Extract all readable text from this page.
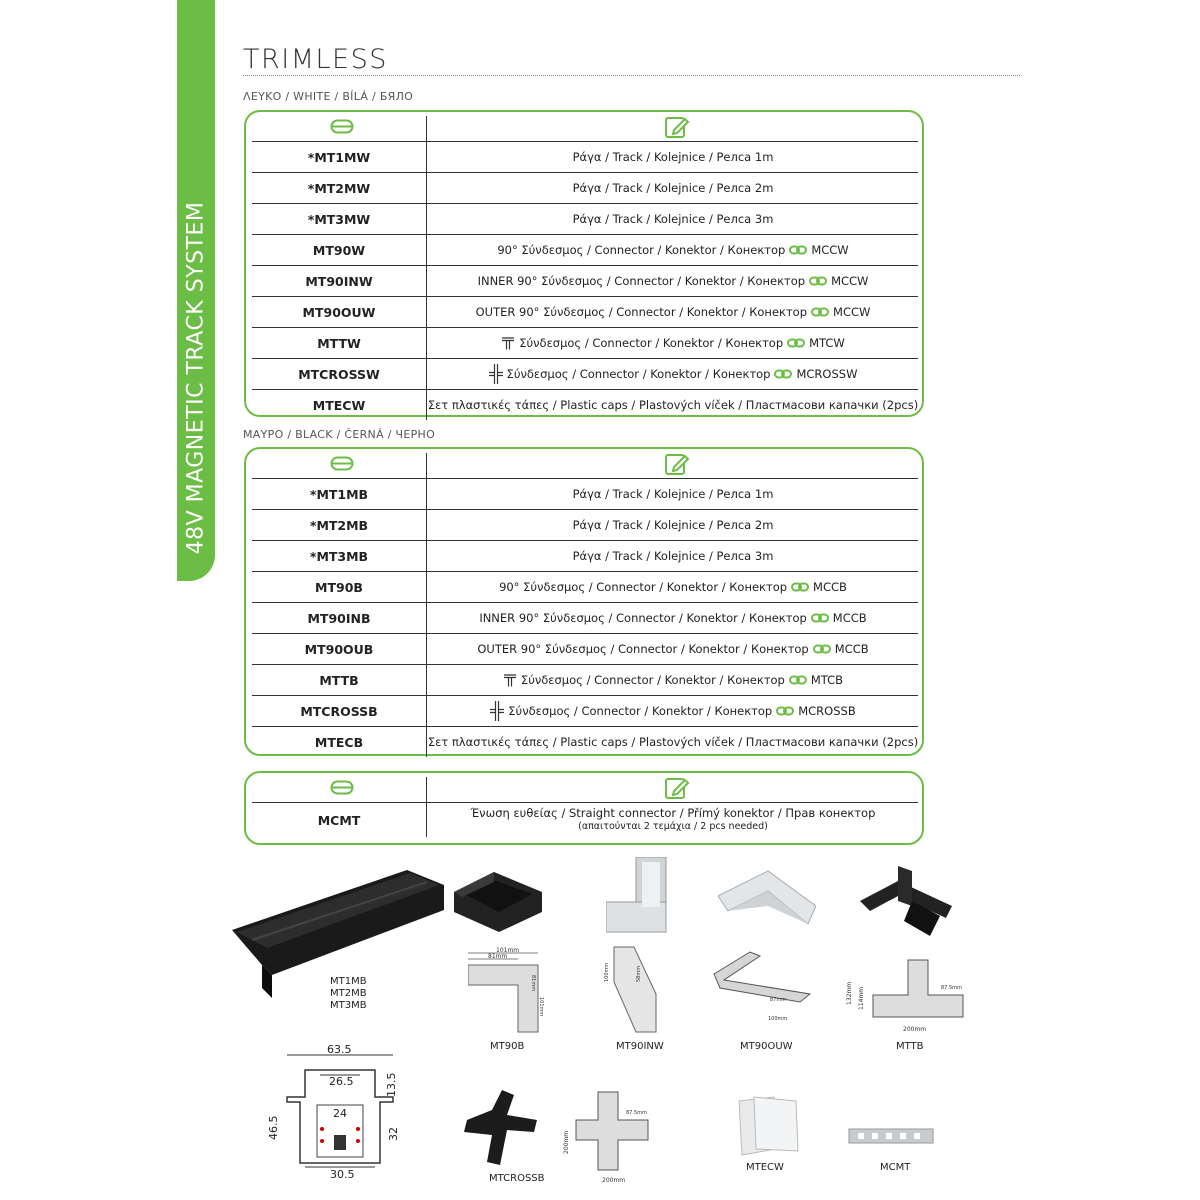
48V MAGNETIC TRACK SYSTEM
TRIMLESS
ΛΕΥΚΟ / WHITE / BÍLÁ / БЯЛО
*MT1MW	Ράγα / Track / Kolejnice / Релса 1m
*MT2MW	Ράγα / Track / Kolejnice / Релса 2m
*MT3MW	Ράγα / Track / Kolejnice / Релса 3m
MT90W	90° Σύνδεσμος / Connector / Konektor / Конектор MCCW
MT90INW	INNER 90° Σύνδεσμος / Connector / Konektor / Конектор MCCW
MT90OUW	OUTER 90° Σύνδεσμος / Connector / Konektor / Конектор MCCW
MTTW	Σύνδεσμος / Connector / Konektor / Конектор MTCW
MTCROSSW	Σύνδεσμος / Connector / Konektor / Конектор MCROSSW
MTECW	Σετ πλαστικές τάπες / Plastic caps / Plastových víček / Пластмасови капачки (2pcs)
ΜΑΥΡΟ / BLACK / ČERNÁ / ЧЕРНО
*MT1MB	Ράγα / Track / Kolejnice / Релса 1m
*MT2MB	Ράγα / Track / Kolejnice / Релса 2m
*MT3MB	Ράγα / Track / Kolejnice / Релса 3m
MT90B	90° Σύνδεσμος / Connector / Konektor / Конектор MCCB
MT90INB	INNER 90° Σύνδεσμος / Connector / Konektor / Конектор MCCB
MT90OUB	OUTER 90° Σύνδεσμος / Connector / Konektor / Конектор MCCB
MTTB	Σύνδεσμος / Connector / Konektor / Конектор MTCB
MTCROSSB	Σύνδεσμος / Connector / Konektor / Конектор MCROSSB
MTECB	Σετ πλαστικές τάπες / Plastic caps / Plastových víček / Пластмасови капачки (2pcs)
MCMT	Ένωση ευθείας / Straight connector / Přímý konektor / Прав конектор
(απαιτούνται 2 τεμάχια / 2 pcs needed)
MT1MB
MT2MB
MT3MB
101mm
81mm
101mm
81mm
MT90B
100mm	58mm
MT90INW
87mm
100mm
MT90OUW
132mm 114mm	87.5mm
200mm
MTTB
63.5
26.5
24
46.5
13.5
32
30.5	MTCROSSB
200mm
200mm
87.5mm
MTECW	MCMT
